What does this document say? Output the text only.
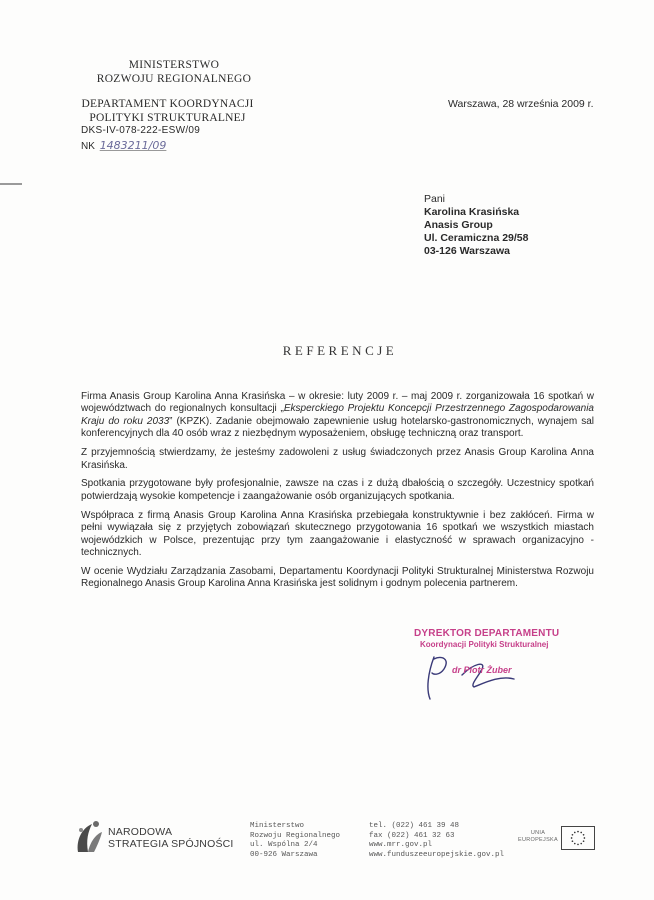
MINISTERSTWO
ROZWOJU REGIONALNEGO
DEPARTAMENT KOORDYNACJI
POLITYKI STRUKTURALNEJ
DKS-IV-078-222-ESW/09
NK 1483211/09
Warszawa, 28 września 2009 r.
Pani
Karolina Krasińska
Anasis Group
Ul. Ceramiczna 29/58
03-126 Warszawa
REFERENCJE

Firma Anasis Group Karolina Anna Krasińska – w okresie: luty 2009 r. – maj 2009 r. zorganizowała 16 spotkań w województwach do regionalnych konsultacji „Eksperckiego Projektu Koncepcji Przestrzennego Zagospodarowania Kraju do roku 2033” (KPZK). Zadanie obejmowało zapewnienie usług hotelarsko-gastronomicznych, wynajem sal konferencyjnych dla 40 osób wraz z niezbędnym wyposażeniem, obsługę techniczną oraz transport.

Z przyjemnością stwierdzamy, że jesteśmy zadowoleni z usług świadczonych przez Anasis Group Karolina Anna Krasińska.

Spotkania przygotowane były profesjonalnie, zawsze na czas i z dużą dbałością o szczegóły. Uczestnicy spotkań potwierdzają wysokie kompetencje i zaangażowanie osób organizujących spotkania.

Współpraca z firmą Anasis Group Karolina Anna Krasińska przebiegała konstruktywnie i bez zakłóceń. Firma w pełni wywiązała się z przyjętych zobowiązań skutecznego przygotowania 16 spotkań we wszystkich miastach wojewódzkich w Polsce, prezentując przy tym zaangażowanie i elastyczność w sprawach organizacyjno - technicznych.

W ocenie Wydziału Zarządzania Zasobami, Departamentu Koordynacji Polityki Strukturalnej Ministerstwa Rozwoju Regionalnego Anasis Group Karolina Anna Krasińska jest solidnym i godnym polecenia partnerem.

DYREKTOR DEPARTAMENTU
Koordynacji Polityki Strukturalnej
dr Piotr Żuber
NARODOWA
STRATEGIA SPÓJNOŚCI
Ministerstwo
Rozwoju Regionalnego
ul. Wspólna 2/4
00-926 Warszawa
tel. (022) 461 39 48
fax (022) 461 32 63
www.mrr.gov.pl
www.funduszeeuropejskie.gov.pl
UNIA
EUROPEJSKA
